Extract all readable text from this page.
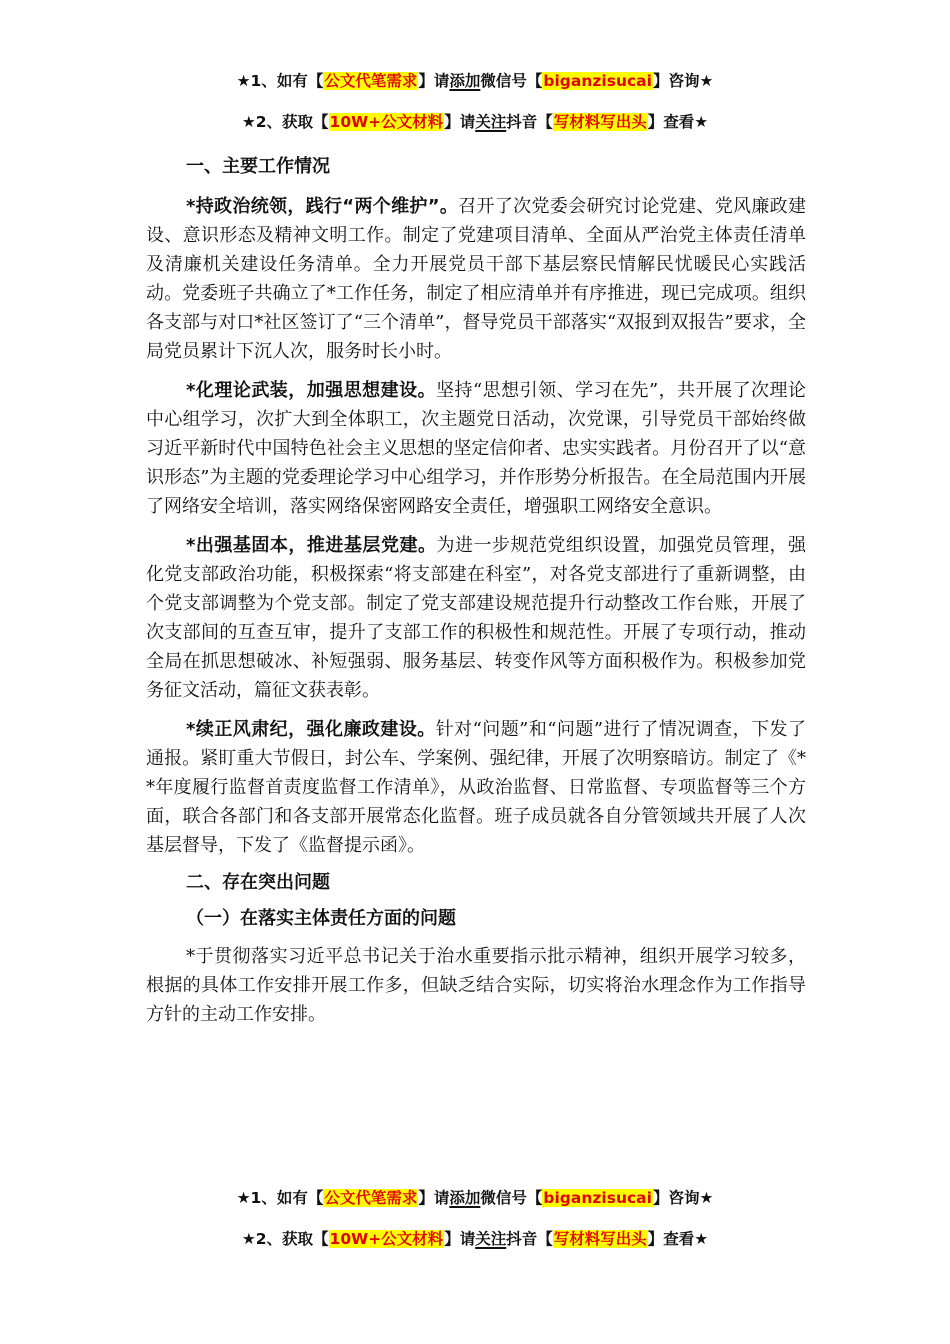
★1、如有【公文代笔需求】请添加微信号【biganzisucai】咨询★
★2、获取【10W+公文材料】请关注抖音【写材料写出头】查看★
一、主要工作情况
*持政治统领，践行“两个维护”。召开了次党委会研究讨论党建、党风廉政建设、意识形态及精神文明工作。制定了党建项目清单、全面从严治党主体责任清单及清廉机关建设任务清单。全力开展党员干部下基层察民情解民忧暖民心实践活动。党委班子共确立了*工作任务，制定了相应清单并有序推进，现已完成项。组织各支部与对口*社区签订了“三个清单”，督导党员干部落实“双报到双报告”要求，全局党员累计下沉人次，服务时长小时。
*化理论武装，加强思想建设。坚持“思想引领、学习在先”，共开展了次理论中心组学习，次扩大到全体职工，次主题党日活动，次党课，引导党员干部始终做习近平新时代中国特色社会主义思想的坚定信仰者、忠实实践者。月份召开了以“意识形态”为主题的党委理论学习中心组学习，并作形势分析报告。在全局范围内开展了网络安全培训，落实网络保密网路安全责任，增强职工网络安全意识。
*出强基固本，推进基层党建。为进一步规范党组织设置，加强党员管理，强化党支部政治功能，积极探索“将支部建在科室”，对各党支部进行了重新调整，由个党支部调整为个党支部。制定了党支部建设规范提升行动整改工作台账，开展了次支部间的互查互审，提升了支部工作的积极性和规范性。开展了专项行动，推动全局在抓思想破冰、补短强弱、服务基层、转变作风等方面积极作为。积极参加党务征文活动，篇征文获表彰。
*续正风肃纪，强化廉政建设。针对“问题”和“问题”进行了情况调查，下发了通报。紧盯重大节假日，封公车、学案例、强纪律，开展了次明察暗访。制定了《**年度履行监督首责度监督工作清单》，从政治监督、日常监督、专项监督等三个方面，联合各部门和各支部开展常态化监督。班子成员就各自分管领域共开展了人次基层督导，下发了《监督提示函》。
二、存在突出问题
（一）在落实主体责任方面的问题
*于贯彻落实习近平总书记关于治水重要指示批示精神，组织开展学习较多，根据的具体工作安排开展工作多，但缺乏结合实际，切实将治水理念作为工作指导方针的主动工作安排。
★1、如有【公文代笔需求】请添加微信号【biganzisucai】咨询★
★2、获取【10W+公文材料】请关注抖音【写材料写出头】查看★
